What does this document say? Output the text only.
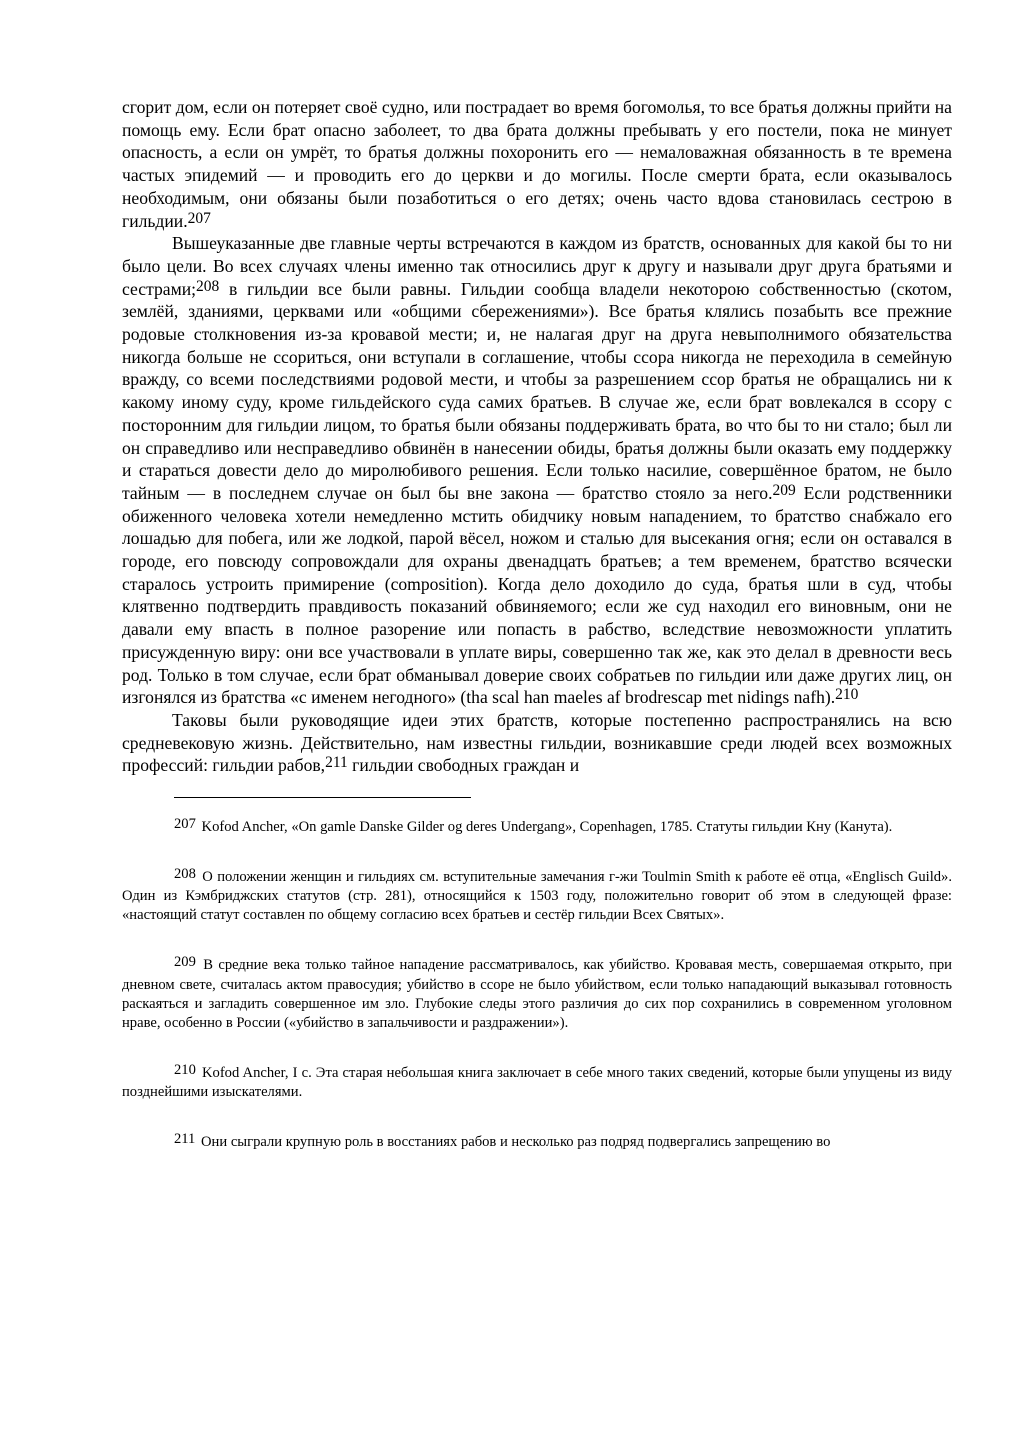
сгорит дом, если он потеряет своё судно, или пострадает во время богомолья, то все братья должны прийти на помощь ему. Если брат опасно заболеет, то два брата должны пребывать у его постели, пока не минует опасность, а если он умрёт, то братья должны похоронить его — немаловажная обязанность в те времена частых эпидемий — и проводить его до церкви и до могилы. После смерти брата, если оказывалось необходимым, они обязаны были позаботиться о его детях; очень часто вдова становилась сестрою в гильдии.$^{207}$

Вышеуказанные две главные черты встречаются в каждом из братств, основанных для какой бы то ни было цели. Во всех случаях члены именно так относились друг к другу и называли друг друга братьями и сестрами;$^{208}$ в гильдии все были равны. Гильдии сообща владели некоторою собственностью (скотом, землёй, зданиями, церквами или «общими сбережениями»). Все братья клялись позабыть все прежние родовые столкновения из-за кровавой мести; и, не налагая друг на друга невыполнимого обязательства никогда больше не ссориться, они вступали в соглашение, чтобы ссора никогда не переходила в семейную вражду, со всеми последствиями родовой мести, и чтобы за разрешением ссор братья не обращались ни к какому иному суду, кроме гильдейского суда самих братьев. В случае же, если брат вовлекался в ссору с посторонним для гильдии лицом, то братья были обязаны поддерживать брата, во что бы то ни стало; был ли он справедливо или несправедливо обвинён в нанесении обиды, братья должны были оказать ему поддержку и стараться довести дело до миролюбивого решения. Если только насилие, совершённое братом, не было тайным — в последнем случае он был бы вне закона — братство стояло за него.$^{209}$ Если родственники обиженного человека хотели немедленно мстить обидчику новым нападением, то братство снабжало его лошадью для побега, или же лодкой, парой вёсел, ножом и сталью для высекания огня; если он оставался в городе, его повсюду сопровождали для охраны двенадцать братьев; а тем временем, братство всячески старалось устроить примирение (composition). Когда дело доходило до суда, братья шли в суд, чтобы клятвенно подтвердить правдивость показаний обвиняемого; если же суд находил его виновным, они не давали ему впасть в полное разорение или попасть в рабство, вследствие невозможности уплатить присужденную виру: они все участвовали в уплате виры, совершенно так же, как это делал в древности весь род. Только в том случае, если брат обманывал доверие своих собратьев по гильдии или даже других лиц, он изгонялся из братства «с именем негодного» (tha scal han maeles af brodrescap met nidings nafh).$^{210}$

Таковы были руководящие идеи этих братств, которые постепенно распространялись на всю средневековую жизнь. Действительно, нам известны гильдии, возникавшие среди людей всех возможных профессий: гильдии рабов,$^{211}$ гильдии свободных граждан и

207 Kofod Ancher, «On gamle Danske Gilder og deres Undergang», Copenhagen, 1785. Статуты гильдии Кну (Канута).

208 О положении женщин и гильдиях см. вступительные замечания г-жи Toulmin Smith к работе её отца, «Englisch Guild». Один из Кэмбриджских статутов (стр. 281), относящийся к 1503 году, положительно говорит об этом в следующей фразе: «настоящий статут составлен по общему согласию всех братьев и сестёр гильдии Всех Святых».

209 В средние века только тайное нападение рассматривалось, как убийство. Кровавая месть, совершаемая открыто, при дневном свете, считалась актом правосудия; убийство в ссоре не было убийством, если только нападающий выказывал готовность раскаяться и загладить совершенное им зло. Глубокие следы этого различия до сих пор сохранились в современном уголовном нраве, особенно в России («убийство в запальчивости и раздражении»).

210 Kofod Ancher, I с. Эта старая небольшая книга заключает в себе много таких сведений, которые были упущены из виду позднейшими изыскателями.

211 Они сыграли крупную роль в восстаниях рабов и несколько раз подряд подвергались запрещению во
